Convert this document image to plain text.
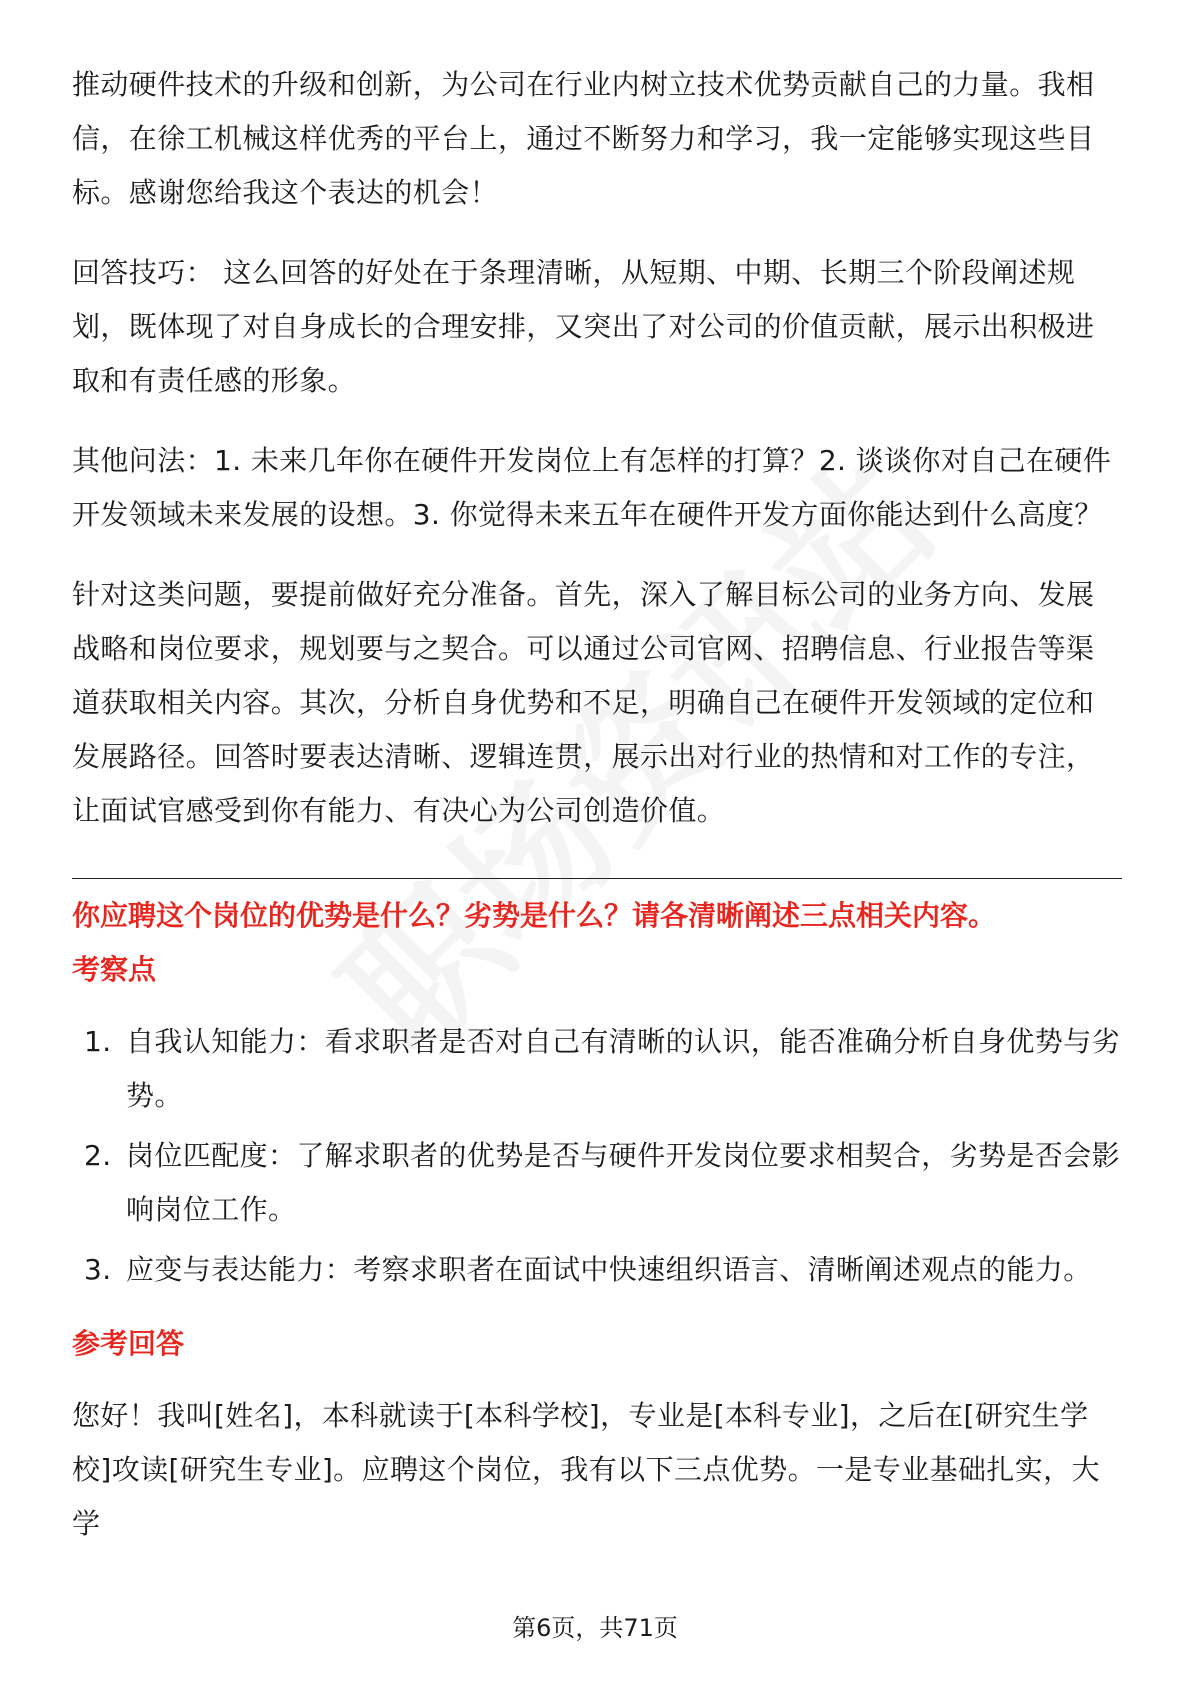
推动硬件技术的升级和创新，为公司在行业内树立技术优势贡献自己的力量。我相信，在徐工机械这样优秀的平台上，通过不断努力和学习，我一定能够实现这些目标。感谢您给我这个表达的机会！

回答技巧： 这么回答的好处在于条理清晰，从短期、中期、长期三个阶段阐述规划，既体现了对自身成长的合理安排，又突出了对公司的价值贡献，展示出积极进取和有责任感的形象。

其他问法：1. 未来几年你在硬件开发岗位上有怎样的打算？2. 谈谈你对自己在硬件开发领域未来发展的设想。3. 你觉得未来五年在硬件开发方面你能达到什么高度？

针对这类问题，要提前做好充分准备。首先，深入了解目标公司的业务方向、发展战略和岗位要求，规划要与之契合。可以通过公司官网、招聘信息、行业报告等渠道获取相关内容。其次，分析自身优势和不足，明确自己在硬件开发领域的定位和发展路径。回答时要表达清晰、逻辑连贯，展示出对行业的热情和对工作的专注，让面试官感受到你有能力、有决心为公司创造价值。

你应聘这个岗位的优势是什么？劣势是什么？请各清晰阐述三点相关内容。
考察点
1. 自我认知能力：看求职者是否对自己有清晰的认识，能否准确分析自身优势与劣势。
2. 岗位匹配度：了解求职者的优势是否与硬件开发岗位要求相契合，劣势是否会影响岗位工作。
3. 应变与表达能力：考察求职者在面试中快速组织语言、清晰阐述观点的能力。
参考回答

您好！我叫[姓名]，本科就读于[本科学校]，专业是[本科专业]，之后在[研究生学校]攻读[研究生专业]。应聘这个岗位，我有以下三点优势。一是专业基础扎实，大学

第6页，共71页
